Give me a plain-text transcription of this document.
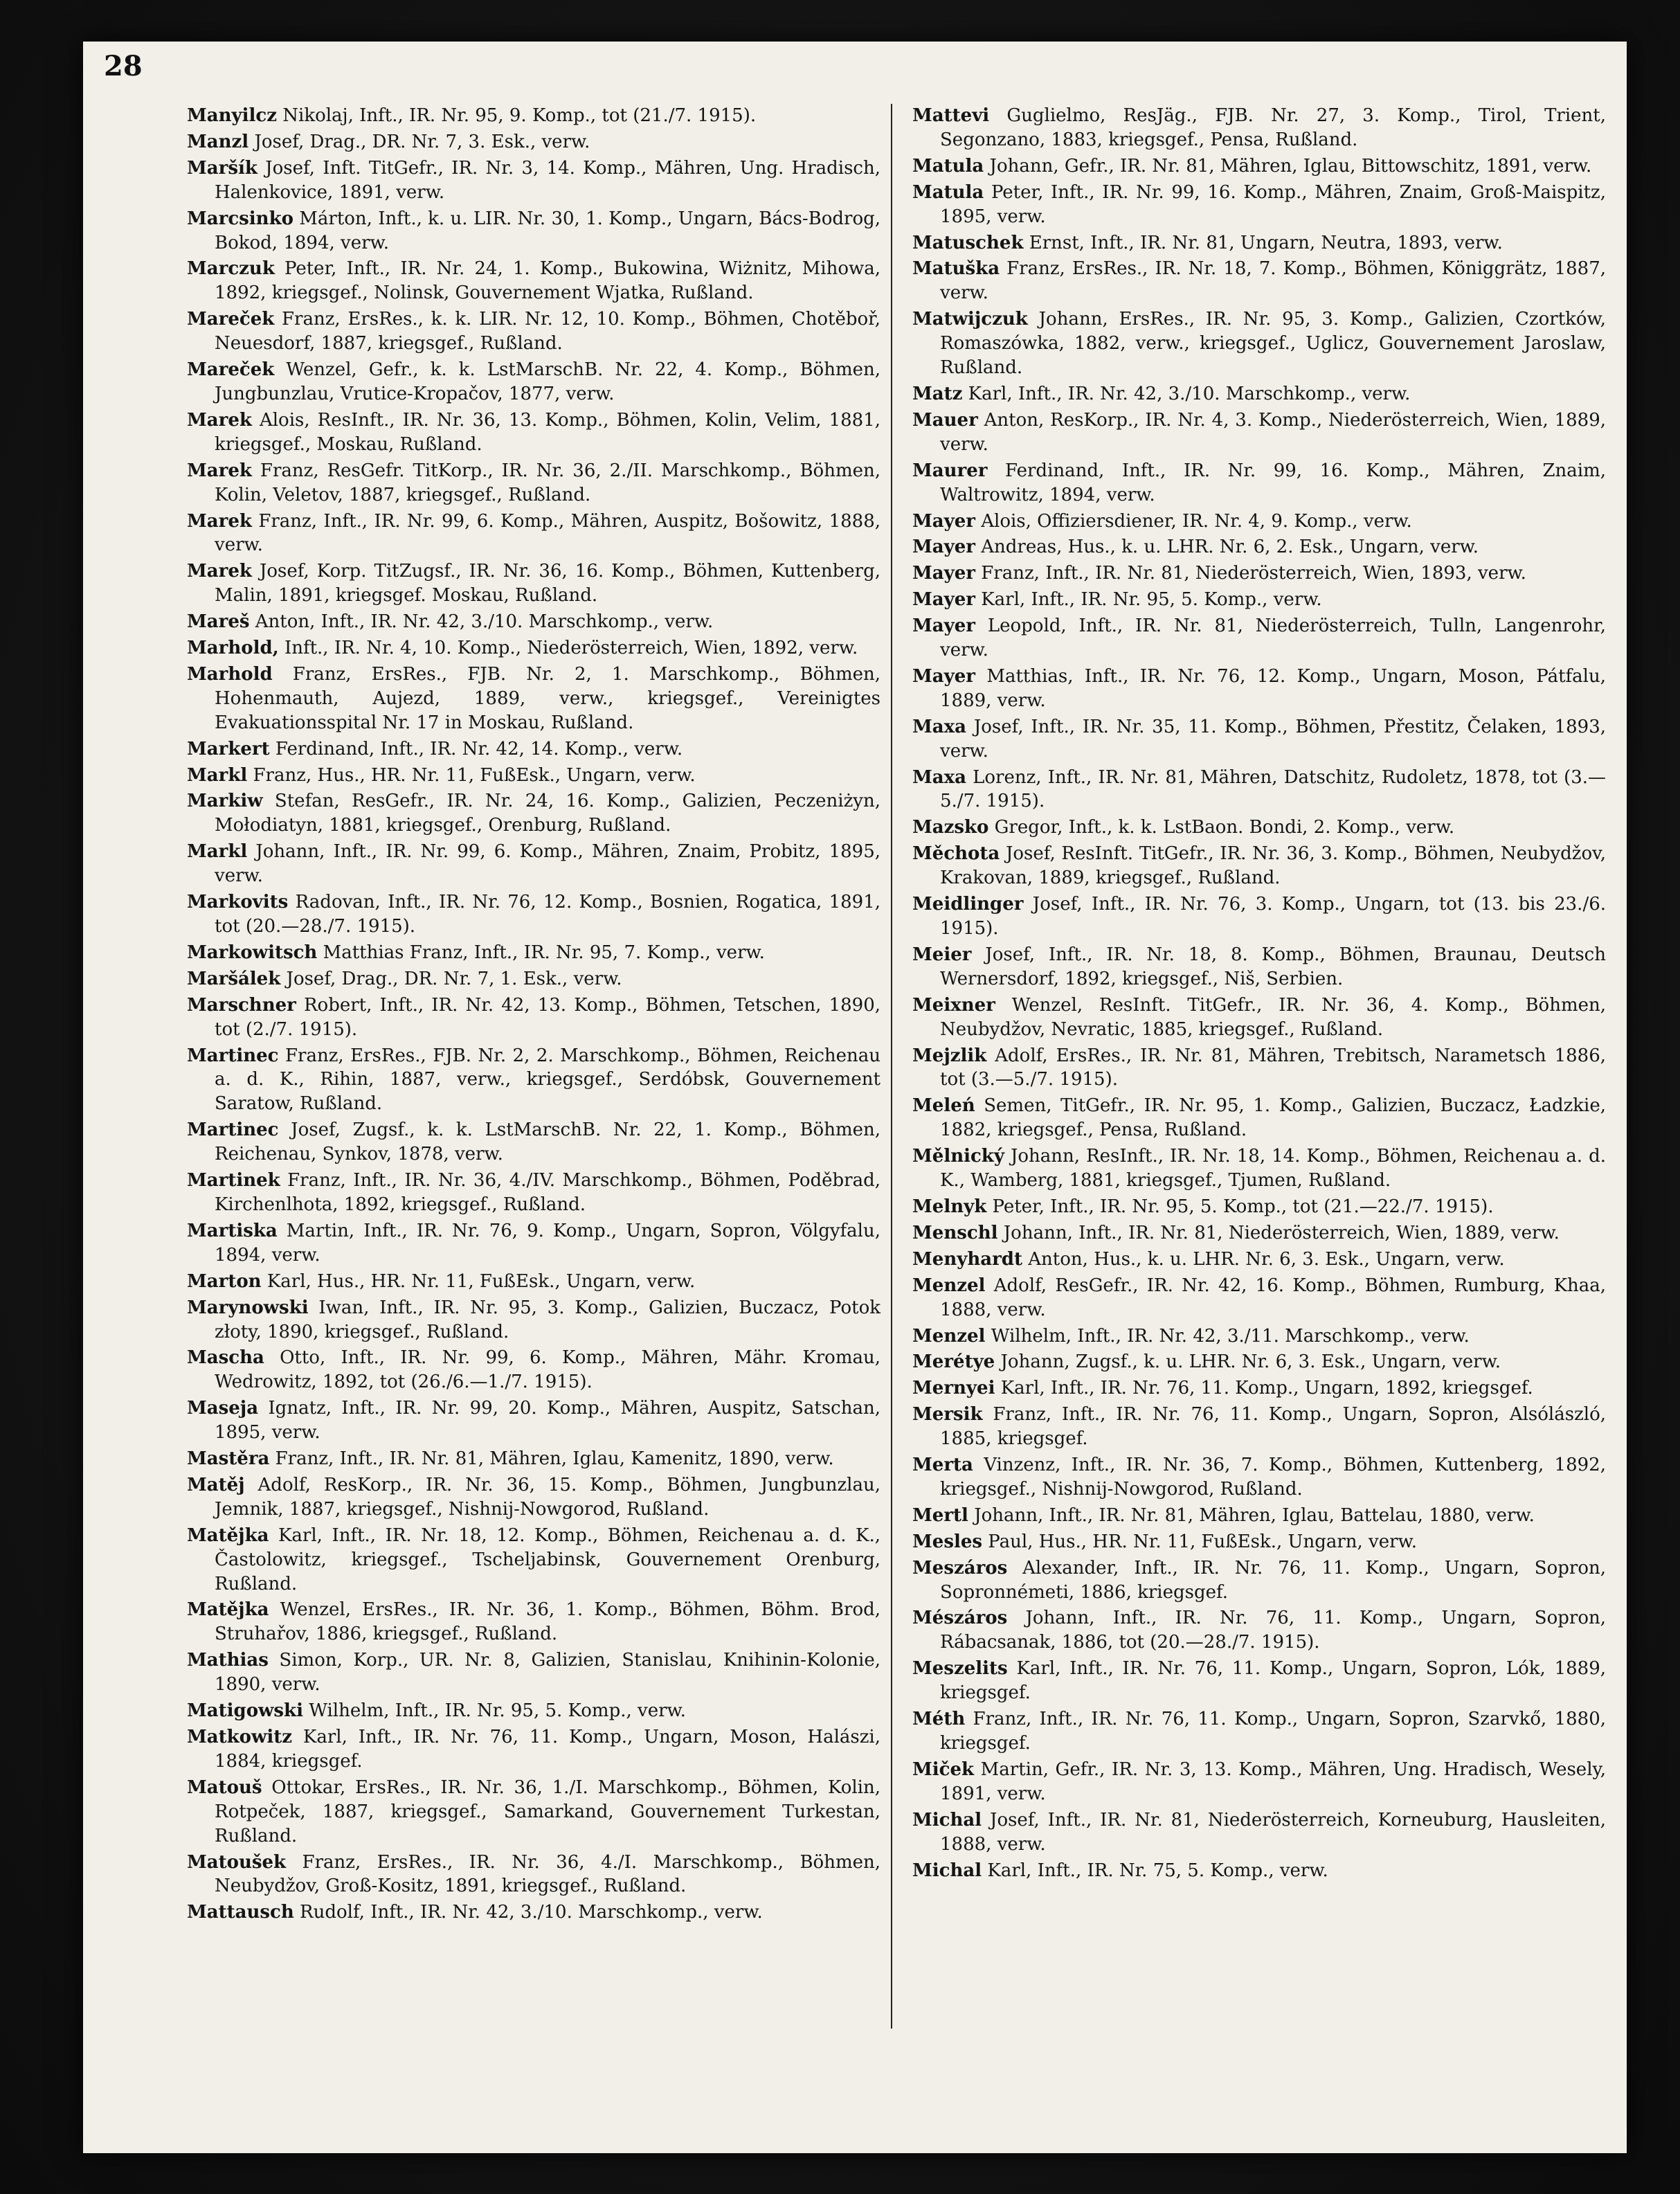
28

Manyilcz Nikolaj, Inft., IR. Nr. 95, 9. Komp., tot (21./7. 1915).

Manzl Josef, Drag., DR. Nr. 7, 3. Esk., verw.

Maršík Josef, Inft. TitGefr., IR. Nr. 3, 14. Komp., Mähren, Ung. Hradisch, Halenkovice, 1891, verw.

Marcsinko Márton, Inft., k. u. LIR. Nr. 30, 1. Komp., Ungarn, Bács-Bodrog, Bokod, 1894, verw.

Marczuk Peter, Inft., IR. Nr. 24, 1. Komp., Bukowina, Wiżnitz, Mihowa, 1892, kriegsgef., Nolinsk, Gouvernement Wjatka, Rußland.

Mareček Franz, ErsRes., k. k. LIR. Nr. 12, 10. Komp., Böhmen, Chotěboř, Neuesdorf, 1887, kriegsgef., Rußland.

Mareček Wenzel, Gefr., k. k. LstMarschB. Nr. 22, 4. Komp., Böhmen, Jungbunzlau, Vrutice-Kropačov, 1877, verw.

Marek Alois, ResInft., IR. Nr. 36, 13. Komp., Böhmen, Kolin, Velim, 1881, kriegsgef., Moskau, Rußland.

Marek Franz, ResGefr. TitKorp., IR. Nr. 36, 2./II. Marschkomp., Böhmen, Kolin, Veletov, 1887, kriegsgef., Rußland.

Marek Franz, Inft., IR. Nr. 99, 6. Komp., Mähren, Auspitz, Bošowitz, 1888, verw.

Marek Josef, Korp. TitZugsf., IR. Nr. 36, 16. Komp., Böhmen, Kuttenberg, Malin, 1891, kriegsgef. Moskau, Rußland.

Mareš Anton, Inft., IR. Nr. 42, 3./10. Marschkomp., verw.

Marhold, Inft., IR. Nr. 4, 10. Komp., Niederösterreich, Wien, 1892, verw.

Marhold Franz, ErsRes., FJB. Nr. 2, 1. Marschkomp., Böhmen, Hohenmauth, Aujezd, 1889, verw., kriegsgef., Vereinigtes Evakuationsspital Nr. 17 in Moskau, Rußland.

Markert Ferdinand, Inft., IR. Nr. 42, 14. Komp., verw.

Markl Franz, Hus., HR. Nr. 11, FußEsk., Ungarn, verw.

Markiw Stefan, ResGefr., IR. Nr. 24, 16. Komp., Galizien, Peczeniżyn, Mołodiatyn, 1881, kriegsgef., Orenburg, Rußland.

Markl Johann, Inft., IR. Nr. 99, 6. Komp., Mähren, Znaim, Probitz, 1895, verw.

Markovits Radovan, Inft., IR. Nr. 76, 12. Komp., Bosnien, Rogatica, 1891, tot (20.—28./7. 1915).

Markowitsch Matthias Franz, Inft., IR. Nr. 95, 7. Komp., verw.

Maršálek Josef, Drag., DR. Nr. 7, 1. Esk., verw.

Marschner Robert, Inft., IR. Nr. 42, 13. Komp., Böhmen, Tetschen, 1890, tot (2./7. 1915).

Martinec Franz, ErsRes., FJB. Nr. 2, 2. Marschkomp., Böhmen, Reichenau a. d. K., Rihin, 1887, verw., kriegsgef., Serdóbsk, Gouvernement Saratow, Rußland.

Martinec Josef, Zugsf., k. k. LstMarschB. Nr. 22, 1. Komp., Böhmen, Reichenau, Synkov, 1878, verw.

Martinek Franz, Inft., IR. Nr. 36, 4./IV. Marschkomp., Böhmen, Poděbrad, Kirchenlhota, 1892, kriegsgef., Rußland.

Martiska Martin, Inft., IR. Nr. 76, 9. Komp., Ungarn, Sopron, Völgyfalu, 1894, verw.

Marton Karl, Hus., HR. Nr. 11, FußEsk., Ungarn, verw.

Marynowski Iwan, Inft., IR. Nr. 95, 3. Komp., Galizien, Buczacz, Potok złoty, 1890, kriegsgef., Rußland.

Mascha Otto, Inft., IR. Nr. 99, 6. Komp., Mähren, Mähr. Kromau, Wedrowitz, 1892, tot (26./6.—1./7. 1915).

Maseja Ignatz, Inft., IR. Nr. 99, 20. Komp., Mähren, Auspitz, Satschan, 1895, verw.

Mastěra Franz, Inft., IR. Nr. 81, Mähren, Iglau, Kamenitz, 1890, verw.

Matěj Adolf, ResKorp., IR. Nr. 36, 15. Komp., Böhmen, Jungbunzlau, Jemnik, 1887, kriegsgef., Nishnij-Nowgorod, Rußland.

Matějka Karl, Inft., IR. Nr. 18, 12. Komp., Böhmen, Reichenau a. d. K., Častolowitz, kriegsgef., Tscheljabinsk, Gouvernement Orenburg, Rußland.

Matějka Wenzel, ErsRes., IR. Nr. 36, 1. Komp., Böhmen, Böhm. Brod, Struhařov, 1886, kriegsgef., Rußland.

Mathias Simon, Korp., UR. Nr. 8, Galizien, Stanislau, Knihinin-Kolonie, 1890, verw.

Matigowski Wilhelm, Inft., IR. Nr. 95, 5. Komp., verw.

Matkowitz Karl, Inft., IR. Nr. 76, 11. Komp., Ungarn, Moson, Halászi, 1884, kriegsgef.

Matouš Ottokar, ErsRes., IR. Nr. 36, 1./I. Marschkomp., Böhmen, Kolin, Rotpeček, 1887, kriegsgef., Samarkand, Gouvernement Turkestan, Rußland.

Matoušek Franz, ErsRes., IR. Nr. 36, 4./I. Marschkomp., Böhmen, Neubydžov, Groß-Kositz, 1891, kriegsgef., Rußland.

Mattausch Rudolf, Inft., IR. Nr. 42, 3./10. Marschkomp., verw.

Mattevi Guglielmo, ResJäg., FJB. Nr. 27, 3. Komp., Tirol, Trient, Segonzano, 1883, kriegsgef., Pensa, Rußland.

Matula Johann, Gefr., IR. Nr. 81, Mähren, Iglau, Bittowschitz, 1891, verw.

Matula Peter, Inft., IR. Nr. 99, 16. Komp., Mähren, Znaim, Groß-Maispitz, 1895, verw.

Matuschek Ernst, Inft., IR. Nr. 81, Ungarn, Neutra, 1893, verw.

Matuška Franz, ErsRes., IR. Nr. 18, 7. Komp., Böhmen, Königgrätz, 1887, verw.

Matwijczuk Johann, ErsRes., IR. Nr. 95, 3. Komp., Galizien, Czortków, Romaszówka, 1882, verw., kriegsgef., Uglicz, Gouvernement Jaroslaw, Rußland.

Matz Karl, Inft., IR. Nr. 42, 3./10. Marschkomp., verw.

Mauer Anton, ResKorp., IR. Nr. 4, 3. Komp., Niederösterreich, Wien, 1889, verw.

Maurer Ferdinand, Inft., IR. Nr. 99, 16. Komp., Mähren, Znaim, Waltrowitz, 1894, verw.

Mayer Alois, Offiziersdiener, IR. Nr. 4, 9. Komp., verw.

Mayer Andreas, Hus., k. u. LHR. Nr. 6, 2. Esk., Ungarn, verw.

Mayer Franz, Inft., IR. Nr. 81, Niederösterreich, Wien, 1893, verw.

Mayer Karl, Inft., IR. Nr. 95, 5. Komp., verw.

Mayer Leopold, Inft., IR. Nr. 81, Niederösterreich, Tulln, Langenrohr, verw.

Mayer Matthias, Inft., IR. Nr. 76, 12. Komp., Ungarn, Moson, Pátfalu, 1889, verw.

Maxa Josef, Inft., IR. Nr. 35, 11. Komp., Böhmen, Přestitz, Čelaken, 1893, verw.

Maxa Lorenz, Inft., IR. Nr. 81, Mähren, Datschitz, Rudoletz, 1878, tot (3.—5./7. 1915).

Mazsko Gregor, Inft., k. k. LstBaon. Bondi, 2. Komp., verw.

Měchota Josef, ResInft. TitGefr., IR. Nr. 36, 3. Komp., Böhmen, Neubydžov, Krakovan, 1889, kriegsgef., Rußland.

Meidlinger Josef, Inft., IR. Nr. 76, 3. Komp., Ungarn, tot (13. bis 23./6. 1915).

Meier Josef, Inft., IR. Nr. 18, 8. Komp., Böhmen, Braunau, Deutsch Wernersdorf, 1892, kriegsgef., Niš, Serbien.

Meixner Wenzel, ResInft. TitGefr., IR. Nr. 36, 4. Komp., Böhmen, Neubydžov, Nevratic, 1885, kriegsgef., Rußland.

Mejzlik Adolf, ErsRes., IR. Nr. 81, Mähren, Trebitsch, Narametsch 1886, tot (3.—5./7. 1915).

Meleń Semen, TitGefr., IR. Nr. 95, 1. Komp., Galizien, Buczacz, Ładzkie, 1882, kriegsgef., Pensa, Rußland.

Mělnický Johann, ResInft., IR. Nr. 18, 14. Komp., Böhmen, Reichenau a. d. K., Wamberg, 1881, kriegsgef., Tjumen, Rußland.

Melnyk Peter, Inft., IR. Nr. 95, 5. Komp., tot (21.—22./7. 1915).

Menschl Johann, Inft., IR. Nr. 81, Niederösterreich, Wien, 1889, verw.

Menyhardt Anton, Hus., k. u. LHR. Nr. 6, 3. Esk., Ungarn, verw.

Menzel Adolf, ResGefr., IR. Nr. 42, 16. Komp., Böhmen, Rumburg, Khaa, 1888, verw.

Menzel Wilhelm, Inft., IR. Nr. 42, 3./11. Marschkomp., verw.

Merétye Johann, Zugsf., k. u. LHR. Nr. 6, 3. Esk., Ungarn, verw.

Mernyei Karl, Inft., IR. Nr. 76, 11. Komp., Ungarn, 1892, kriegsgef.

Mersik Franz, Inft., IR. Nr. 76, 11. Komp., Ungarn, Sopron, Alsólászló, 1885, kriegsgef.

Merta Vinzenz, Inft., IR. Nr. 36, 7. Komp., Böhmen, Kuttenberg, 1892, kriegsgef., Nishnij-Nowgorod, Rußland.

Mertl Johann, Inft., IR. Nr. 81, Mähren, Iglau, Battelau, 1880, verw.

Mesles Paul, Hus., HR. Nr. 11, FußEsk., Ungarn, verw.

Meszáros Alexander, Inft., IR. Nr. 76, 11. Komp., Ungarn, Sopron, Sopronnémeti, 1886, kriegsgef.

Mészáros Johann, Inft., IR. Nr. 76, 11. Komp., Ungarn, Sopron, Rábacsanak, 1886, tot (20.—28./7. 1915).

Meszelits Karl, Inft., IR. Nr. 76, 11. Komp., Ungarn, Sopron, Lók, 1889, kriegsgef.

Méth Franz, Inft., IR. Nr. 76, 11. Komp., Ungarn, Sopron, Szarvkő, 1880, kriegsgef.

Miček Martin, Gefr., IR. Nr. 3, 13. Komp., Mähren, Ung. Hradisch, Wesely, 1891, verw.

Michal Josef, Inft., IR. Nr. 81, Niederösterreich, Korneuburg, Hausleiten, 1888, verw.

Michal Karl, Inft., IR. Nr. 75, 5. Komp., verw.
